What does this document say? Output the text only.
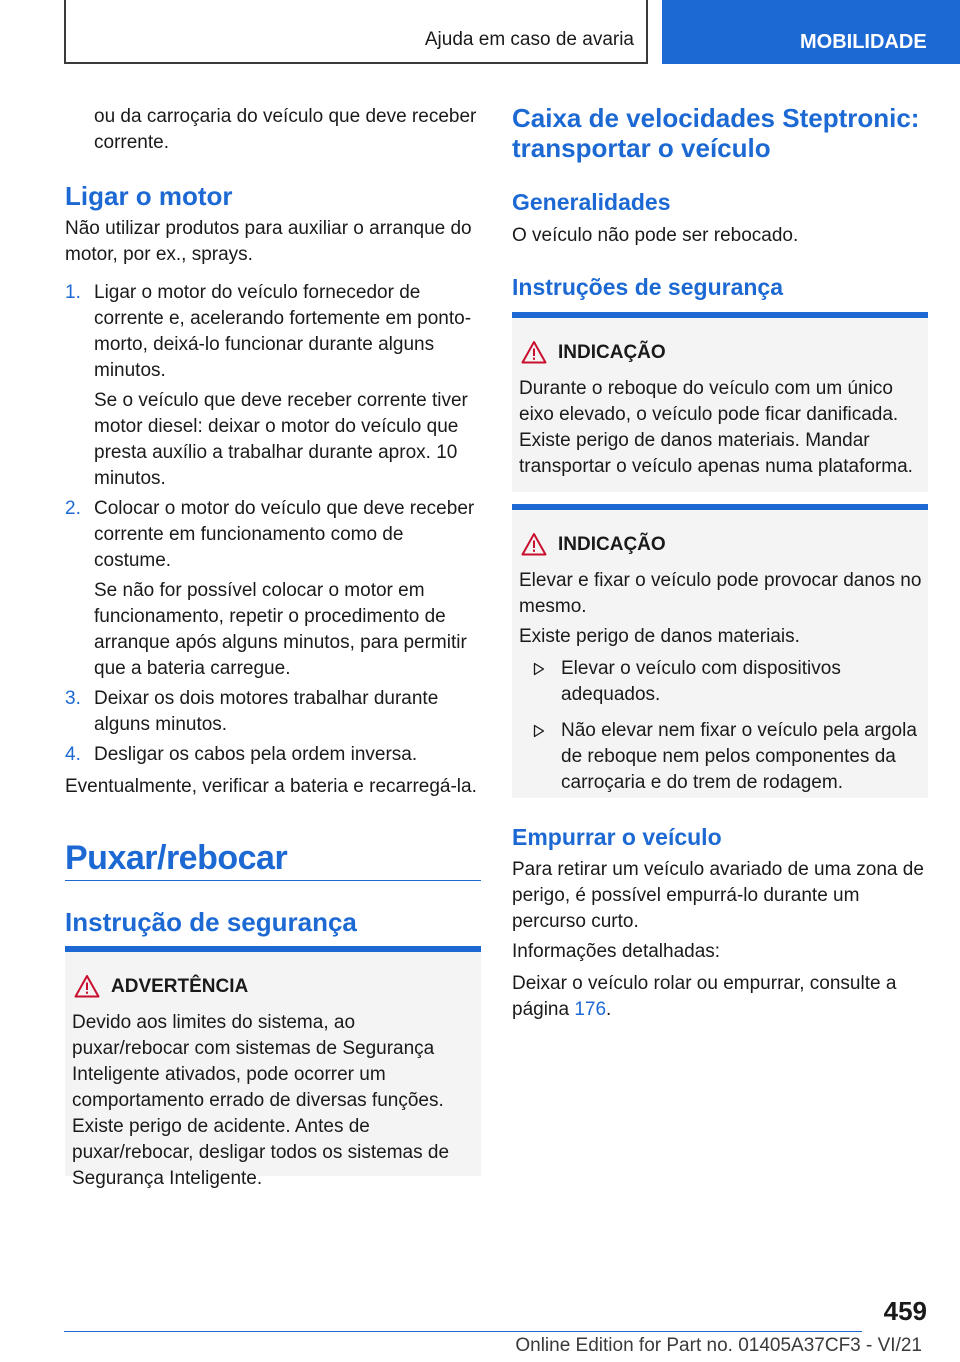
Ajuda em caso de avaria	MOBILIDADE

ou da carroçaria do veículo que deve receber corrente.

Ligar o motor

Não utilizar produtos para auxiliar o arranque do motor, por ex., sprays.

1. Ligar o motor do veículo fornecedor de corrente e, acelerando fortemente em ponto-morto, deixá-lo funcionar durante alguns minutos.

Se o veículo que deve receber corrente tiver motor diesel: deixar o motor do veículo que presta auxílio a trabalhar durante aprox. 10 minutos.

2. Colocar o motor do veículo que deve receber corrente em funcionamento como de costume.

Se não for possível colocar o motor em funcionamento, repetir o procedimento de arranque após alguns minutos, para permitir que a bateria carregue.

3. Deixar os dois motores trabalhar durante alguns minutos.

4. Desligar os cabos pela ordem inversa.

Eventualmente, verificar a bateria e recarregá-la.

Puxar/rebocar
Instrução de segurança
ADVERTÊNCIA

Devido aos limites do sistema, ao puxar/rebocar com sistemas de Segurança Inteligente ativados, pode ocorrer um comportamento errado de diversas funções. Existe perigo de acidente. Antes de puxar/rebocar, desligar todos os sistemas de Segurança Inteligente.

Caixa de velocidades Steptronic: transportar o veículo
Generalidades

O veículo não pode ser rebocado.

Instruções de segurança
INDICAÇÃO

Durante o reboque do veículo com um único eixo elevado, o veículo pode ficar danificada. Existe perigo de danos materiais. Mandar transportar o veículo apenas numa plataforma.

INDICAÇÃO

Elevar e fixar o veículo pode provocar danos no mesmo.

Existe perigo de danos materiais.

Elevar o veículo com dispositivos adequados.

Não elevar nem fixar o veículo pela argola de reboque nem pelos componentes da carroçaria e do trem de rodagem.

Empurrar o veículo

Para retirar um veículo avariado de uma zona de perigo, é possível empurrá-lo durante um percurso curto.

Informações detalhadas:

Deixar o veículo rolar ou empurrar, consulte a página 176.

459
Online Edition for Part no. 01405A37CF3 - VI/21
